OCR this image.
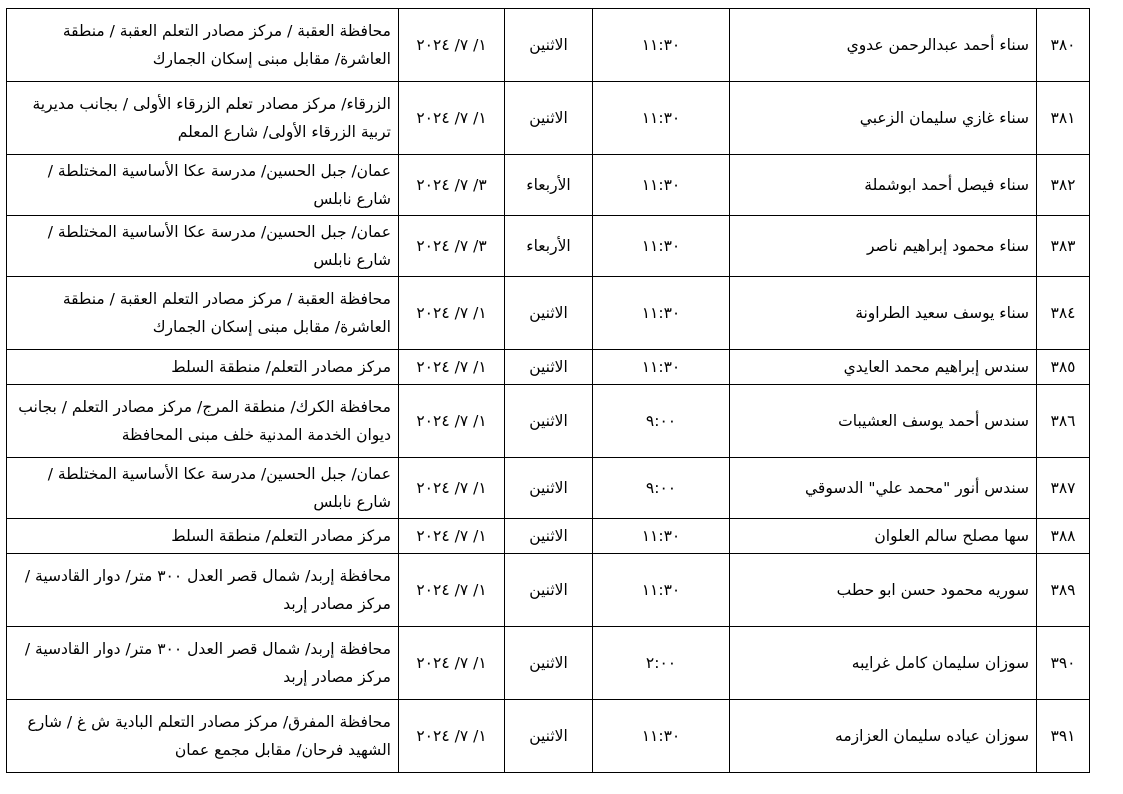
٣٨٠	سناء أحمد عبدالرحمن عدوي	١١:٣٠	الاثنين	١/ ٧/ ٢٠٢٤	محافظة العقبة / مركز مصادر التعلم العقبة / منطقة العاشرة/ مقابل مبنى إسكان الجمارك
٣٨١	سناء غازي سليمان الزعبي	١١:٣٠	الاثنين	١/ ٧/ ٢٠٢٤	الزرقاء/ مركز مصادر تعلم الزرقاء الأولى / بجانب مديرية تربية الزرقاء الأولى/ شارع المعلم
٣٨٢	سناء فيصل أحمد ابوشملة	١١:٣٠	الأربعاء	٣/ ٧/ ٢٠٢٤	عمان/ جبل الحسين/ مدرسة عكا الأساسية المختلطة / شارع نابلس
٣٨٣	سناء محمود إبراهيم ناصر	١١:٣٠	الأربعاء	٣/ ٧/ ٢٠٢٤	عمان/ جبل الحسين/ مدرسة عكا الأساسية المختلطة / شارع نابلس
٣٨٤	سناء يوسف سعيد الطراونة	١١:٣٠	الاثنين	١/ ٧/ ٢٠٢٤	محافظة العقبة / مركز مصادر التعلم العقبة / منطقة العاشرة/ مقابل مبنى إسكان الجمارك
٣٨٥	سندس إبراهيم محمد العايدي	١١:٣٠	الاثنين	١/ ٧/ ٢٠٢٤	مركز مصادر التعلم/ منطقة السلط
٣٨٦	سندس أحمد يوسف العشيبات	٩:٠٠	الاثنين	١/ ٧/ ٢٠٢٤	محافظة الكرك/ منطقة المرج/ مركز مصادر التعلم / بجانب ديوان الخدمة المدنية خلف مبنى المحافظة
٣٨٧	سندس أنور "محمد علي" الدسوقي	٩:٠٠	الاثنين	١/ ٧/ ٢٠٢٤	عمان/ جبل الحسين/ مدرسة عكا الأساسية المختلطة / شارع نابلس
٣٨٨	سها مصلح سالم العلوان	١١:٣٠	الاثنين	١/ ٧/ ٢٠٢٤	مركز مصادر التعلم/ منطقة السلط
٣٨٩	سوريه محمود حسن ابو حطب	١١:٣٠	الاثنين	١/ ٧/ ٢٠٢٤	محافظة إربد/ شمال قصر العدل ٣٠٠ متر/ دوار القادسية / مركز مصادر إربد
٣٩٠	سوزان سليمان كامل غرايبه	٢:٠٠	الاثنين	١/ ٧/ ٢٠٢٤	محافظة إربد/ شمال قصر العدل ٣٠٠ متر/ دوار القادسية / مركز مصادر إربد
٣٩١	سوزان عياده سليمان العزازمه	١١:٣٠	الاثنين	١/ ٧/ ٢٠٢٤	محافظة المفرق/ مركز مصادر التعلم البادية ش غ / شارع الشهيد فرحان/ مقابل مجمع عمان
